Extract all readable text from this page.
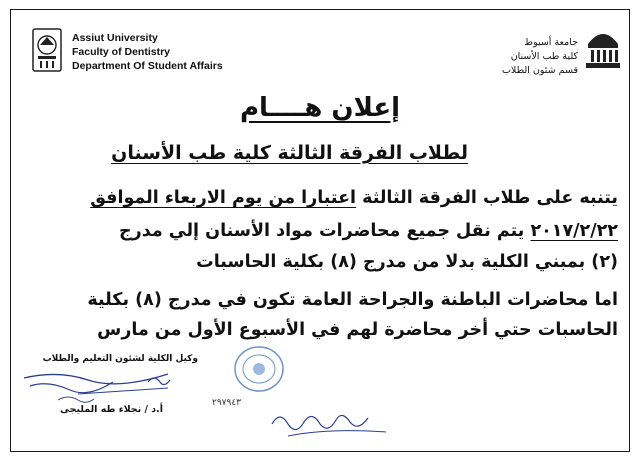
Assiut University
Faculty of Dentistry
Department Of Student Affairs
جامعة أسيوط
كلية طب الأسنان
قسم شئون الطلاب
إعلان هــــام
لطلاب الفرقة الثالثة كلية طب الأسنان
يتنبه على طلاب الفرقة الثالثة اعتبارا من يوم الاربعاء الموافق
٢٠١٧/٢/٢٢ يتم نقل جميع محاضرات مواد الأسنان إلي مدرج
(٢) بمبني الكلية بدلا من مدرج (٨) بكلية الحاسبات
اما محاضرات الباطنة والجراحة العامة تكون في مدرج (٨) بكلية
الحاسبات حتي أخر محاضرة لهم في الأسبوع الأول من مارس
وكيل الكلية لشئون التعليم والطلاب
أ.د / نجلاء طه المليجى
٢٩٧٩٤٣
